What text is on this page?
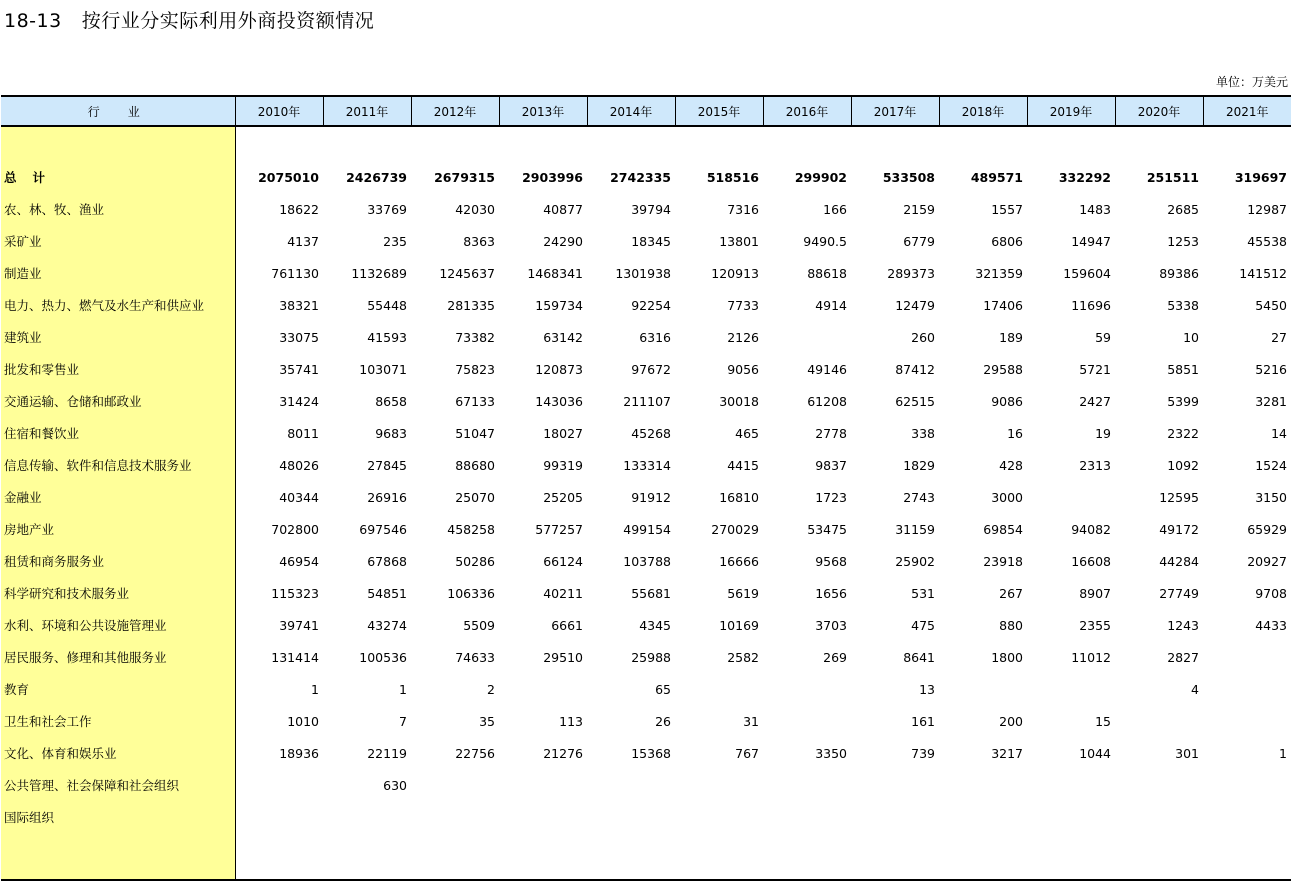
18-13 按行业分实际利用外商投资额情况
单位：万美元
行业	2010年	2011年	2012年	2013年	2014年	2015年	2016年	2017年	2018年	2019年	2020年	2021年

总计	2075010	2426739	2679315	2903996	2742335	518516	299902	533508	489571	332292	251511	319697
农、林、牧、渔业	18622	33769	42030	40877	39794	7316	166	2159	1557	1483	2685	12987
采矿业	4137	235	8363	24290	18345	13801	9490.5	6779	6806	14947	1253	45538
制造业	761130	1132689	1245637	1468341	1301938	120913	88618	289373	321359	159604	89386	141512
电力、热力、燃气及水生产和供应业	38321	55448	281335	159734	92254	7733	4914	12479	17406	11696	5338	5450
建筑业	33075	41593	73382	63142	6316	2126		260	189	59	10	27
批发和零售业	35741	103071	75823	120873	97672	9056	49146	87412	29588	5721	5851	5216
交通运输、仓储和邮政业	31424	8658	67133	143036	211107	30018	61208	62515	9086	2427	5399	3281
住宿和餐饮业	8011	9683	51047	18027	45268	465	2778	338	16	19	2322	14
信息传输、软件和信息技术服务业	48026	27845	88680	99319	133314	4415	9837	1829	428	2313	1092	1524
金融业	40344	26916	25070	25205	91912	16810	1723	2743	3000		12595	3150
房地产业	702800	697546	458258	577257	499154	270029	53475	31159	69854	94082	49172	65929
租赁和商务服务业	46954	67868	50286	66124	103788	16666	9568	25902	23918	16608	44284	20927
科学研究和技术服务业	115323	54851	106336	40211	55681	5619	1656	531	267	8907	27749	9708
水利、环境和公共设施管理业	39741	43274	5509	6661	4345	10169	3703	475	880	2355	1243	4433
居民服务、修理和其他服务业	131414	100536	74633	29510	25988	2582	269	8641	1800	11012	2827	
教育	1	1	2		65			13			4	
卫生和社会工作	1010	7	35	113	26	31		161	200	15		
文化、体育和娱乐业	18936	22119	22756	21276	15368	767	3350	739	3217	1044	301	1
公共管理、社会保障和社会组织		630										
国际组织												
